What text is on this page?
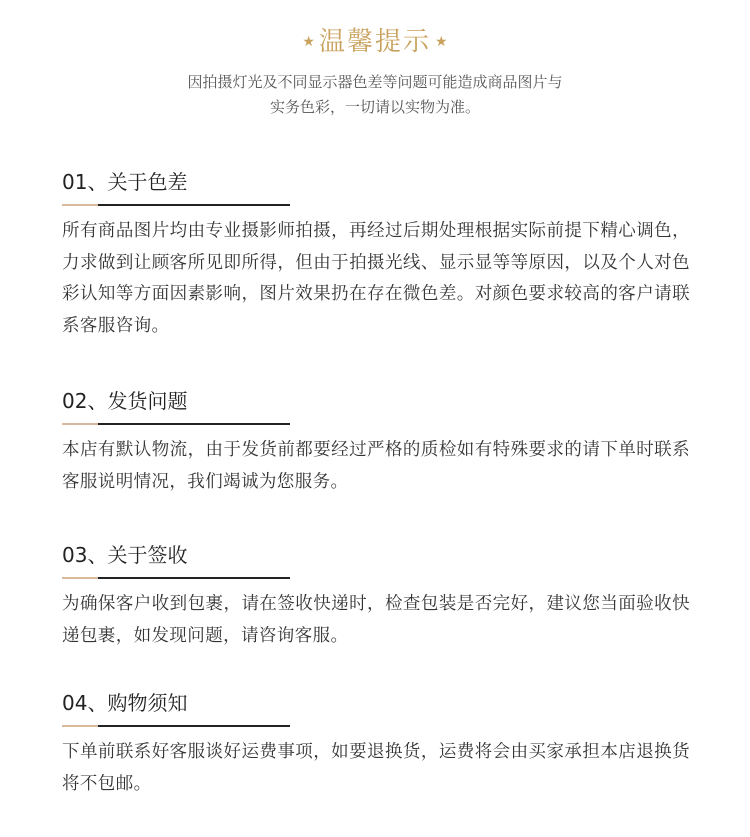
★ 温馨提示 ★
因拍摄灯光及不同显示器色差等问题可能造成商品图片与
实务色彩，一切请以实物为准。
01、关于色差
所有商品图片均由专业摄影师拍摄，再经过后期处理根据实际前提下精心调色，力求做到让顾客所见即所得，但由于拍摄光线、显示显等等原因，以及个人对色彩认知等方面因素影响，图片效果扔在存在微色差。对颜色要求较高的客户请联系客服咨询。
02、发货问题
本店有默认物流，由于发货前都要经过严格的质检如有特殊要求的请下单时联系客服说明情况，我们竭诚为您服务。
03、关于签收
为确保客户收到包裹，请在签收快递时，检查包装是否完好，建议您当面验收快递包裹，如发现问题，请咨询客服。
04、购物须知
下单前联系好客服谈好运费事项，如要退换货，运费将会由买家承担本店退换货将不包邮。
